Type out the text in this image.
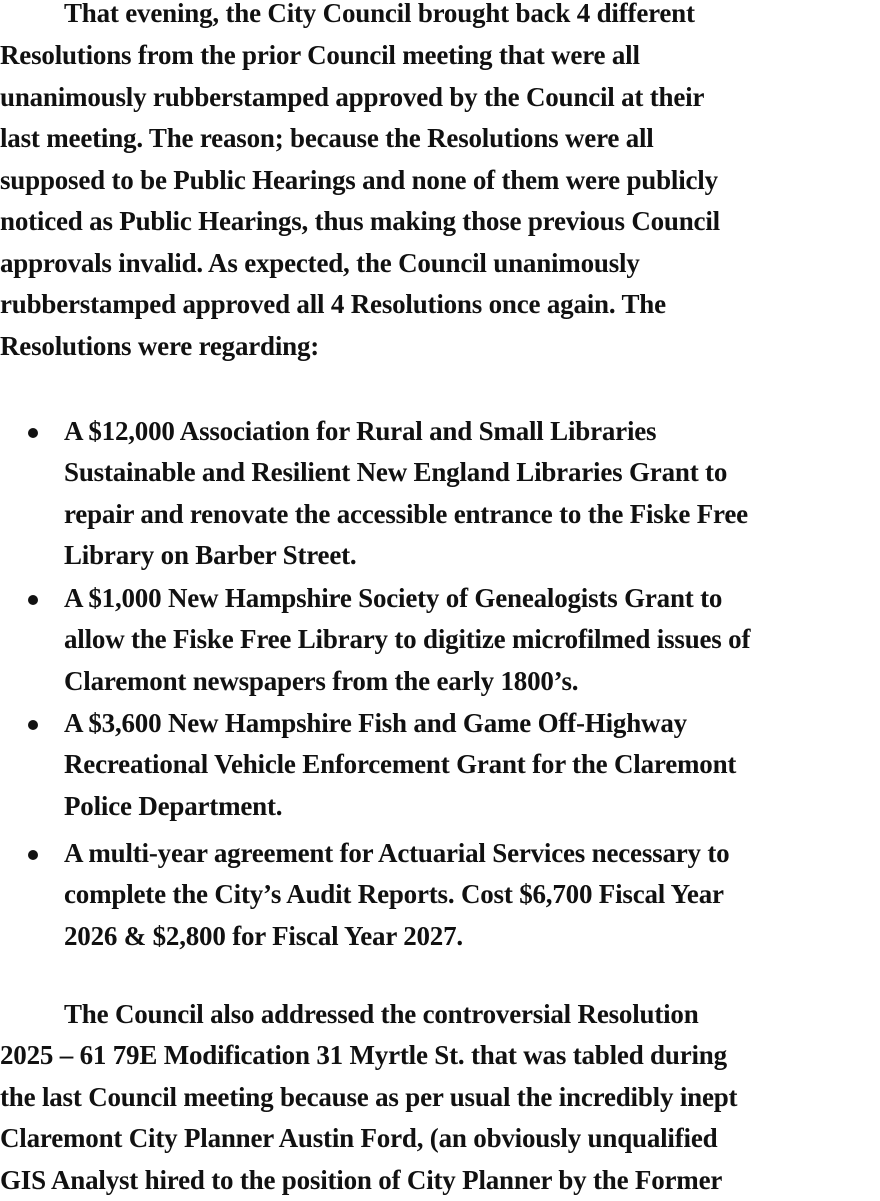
That evening, the City Council brought back 4 different
Resolutions from the prior Council meeting that were all
unanimously rubberstamped approved by the Council at their
last meeting. The reason; because the Resolutions were all
supposed to be Public Hearings and none of them were publicly
noticed as Public Hearings, thus making those previous Council
approvals invalid. As expected, the Council unanimously
rubberstamped approved all 4 Resolutions once again. The
Resolutions were regarding:
A $12,000 Association for Rural and Small Libraries
Sustainable and Resilient New England Libraries Grant to
repair and renovate the accessible entrance to the Fiske Free
Library on Barber Street.
A $1,000 New Hampshire Society of Genealogists Grant to
allow the Fiske Free Library to digitize microfilmed issues of
Claremont newspapers from the early 1800’s.
A $3,600 New Hampshire Fish and Game Off-Highway
Recreational Vehicle Enforcement Grant for the Claremont
Police Department.
A multi-year agreement for Actuarial Services necessary to
complete the City’s Audit Reports. Cost $6,700 Fiscal Year
2026 & $2,800 for Fiscal Year 2027.
The Council also addressed the controversial Resolution
2025 – 61 79E Modification 31 Myrtle St. that was tabled during
the last Council meeting because as per usual the incredibly inept
Claremont City Planner Austin Ford, (an obviously unqualified
GIS Analyst hired to the position of City Planner by the Former
